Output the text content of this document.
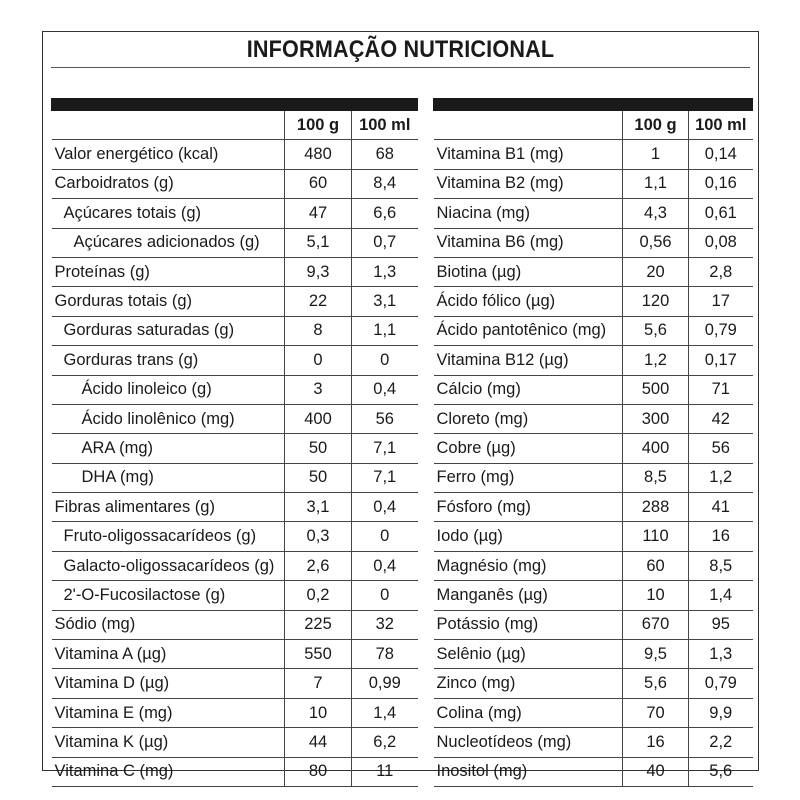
INFORMAÇÃO NUTRICIONAL

	100 g	100 ml
Valor energético (kcal)	480	68
Carboidratos (g)	60	8,4
Açúcares totais (g)	47	6,6
Açúcares adicionados (g)	5,1	0,7
Proteínas (g)	9,3	1,3
Gorduras totais (g)	22	3,1
Gorduras saturadas (g)	8	1,1
Gorduras trans (g)	0	0
Ácido linoleico (g)	3	0,4
Ácido linolênico (mg)	400	56
ARA (mg)	50	7,1
DHA (mg)	50	7,1
Fibras alimentares (g)	3,1	0,4
Fruto-oligossacarídeos (g)	0,3	0
Galacto-oligossacarídeos (g)	2,6	0,4
2'-O-Fucosilactose (g)	0,2	0
Sódio (mg)	225	32
Vitamina A (µg)	550	78
Vitamina D (µg)	7	0,99
Vitamina E (mg)	10	1,4
Vitamina K (µg)	44	6,2
Vitamina C (mg)	80	11

	100 g	100 ml
Vitamina B1 (mg)	1	0,14
Vitamina B2 (mg)	1,1	0,16
Niacina (mg)	4,3	0,61
Vitamina B6 (mg)	0,56	0,08
Biotina (µg)	20	2,8
Ácido fólico (µg)	120	17
Ácido pantotênico (mg)	5,6	0,79
Vitamina B12 (µg)	1,2	0,17
Cálcio (mg)	500	71
Cloreto (mg)	300	42
Cobre (µg)	400	56
Ferro (mg)	8,5	1,2
Fósforo (mg)	288	41
Iodo (µg)	110	16
Magnésio (mg)	60	8,5
Manganês (µg)	10	1,4
Potássio (mg)	670	95
Selênio (µg)	9,5	1,3
Zinco (mg)	5,6	0,79
Colina (mg)	70	9,9
Nucleotídeos (mg)	16	2,2
Inositol (mg)	40	5,6
